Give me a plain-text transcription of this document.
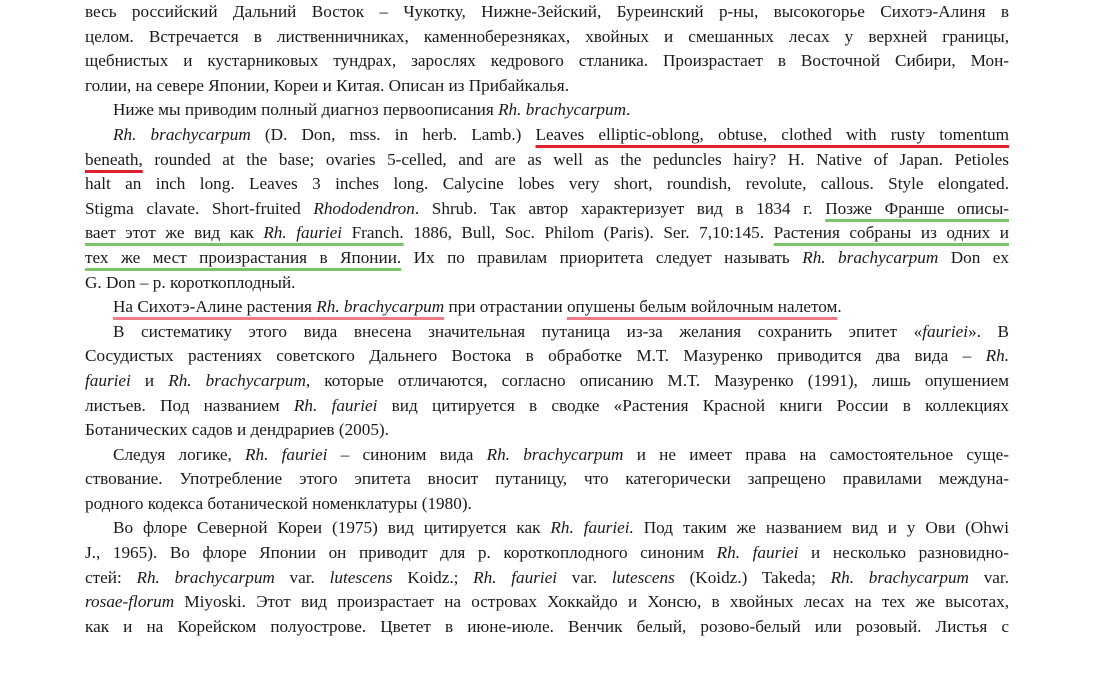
весь российский Дальний Восток – Чукотку, Нижне-Зейский, Буреинский р-ны, высокогорье Сихотэ-Алиня в
целом. Встречается в лиственничниках, каменноберезняках, хвойных и смешанных лесах у верхней границы,
щебнистых и кустарниковых тундрах, зарослях кедрового стланика. Произрастает в Восточной Сибири, Мон-
голии, на севере Японии, Кореи и Китая. Описан из Прибайкалья.
Ниже мы приводим полный диагноз первоописания Rh. brachycarpum.
Rh. brachycarpum (D. Don, mss. in herb. Lamb.) Leaves elliptic-oblong, obtuse, clothed with rusty tomentum
beneath, rounded at the base; ovaries 5-celled, and are as well as the peduncles hairy? H. Native of Japan. Petioles
halt an inch long. Leaves 3 inches long. Calycine lobes very short, roundish, revolute, callous. Style elongated.
Stigma clavate. Short-fruited Rhododendron. Shrub. Так автор характеризует вид в 1834 г. Позже Франше описы-
вает этот же вид как Rh. fauriei Franch. 1886, Bull, Soc. Philom (Paris). Ser. 7,10:145. Растения собраны из одних и
тех же мест произрастания в Японии. Их по правилам приоритета следует называть Rh. brachycarpum Don ex
G. Don – р. короткоплодный.
На Сихотэ-Алине растения Rh. brachycarpum при отрастании опушены белым войлочным налетом.
В систематику этого вида внесена значительная путаница из-за желания сохранить эпитет «fauriei». В
Сосудистых растениях советского Дальнего Востока в обработке М.Т. Мазуренко приводится два вида – Rh.
fauriei и Rh. brachycarpum, которые отличаются, согласно описанию М.Т. Мазуренко (1991), лишь опушением
листьев. Под названием Rh. fauriei вид цитируется в сводке «Растения Красной книги России в коллекциях
Ботанических садов и дендрариев (2005).
Следуя логике, Rh. fauriei – синоним вида Rh. brachycarpum и не имеет права на самостоятельное суще-
ствование. Употребление этого эпитета вносит путаницу, что категорически запрещено правилами междуна-
родного кодекса ботанической номенклатуры (1980).
Во флоре Северной Кореи (1975) вид цитируется как Rh. fauriei. Под таким же названием вид и у Ови (Ohwi
J., 1965). Во флоре Японии он приводит для р. короткоплодного синоним Rh. fauriei и несколько разновидно-
стей: Rh. brachycarpum var. lutescens Koidz.; Rh. fauriei var. lutescens (Koidz.) Takeda; Rh. brachycarpum var.
rosae-florum Miyoski. Этот вид произрастает на островах Хоккайдо и Хонсю, в хвойных лесах на тех же высотах,
как и на Корейском полуострове. Цветет в июне-июле. Венчик белый, розово-белый или розовый. Листья с
